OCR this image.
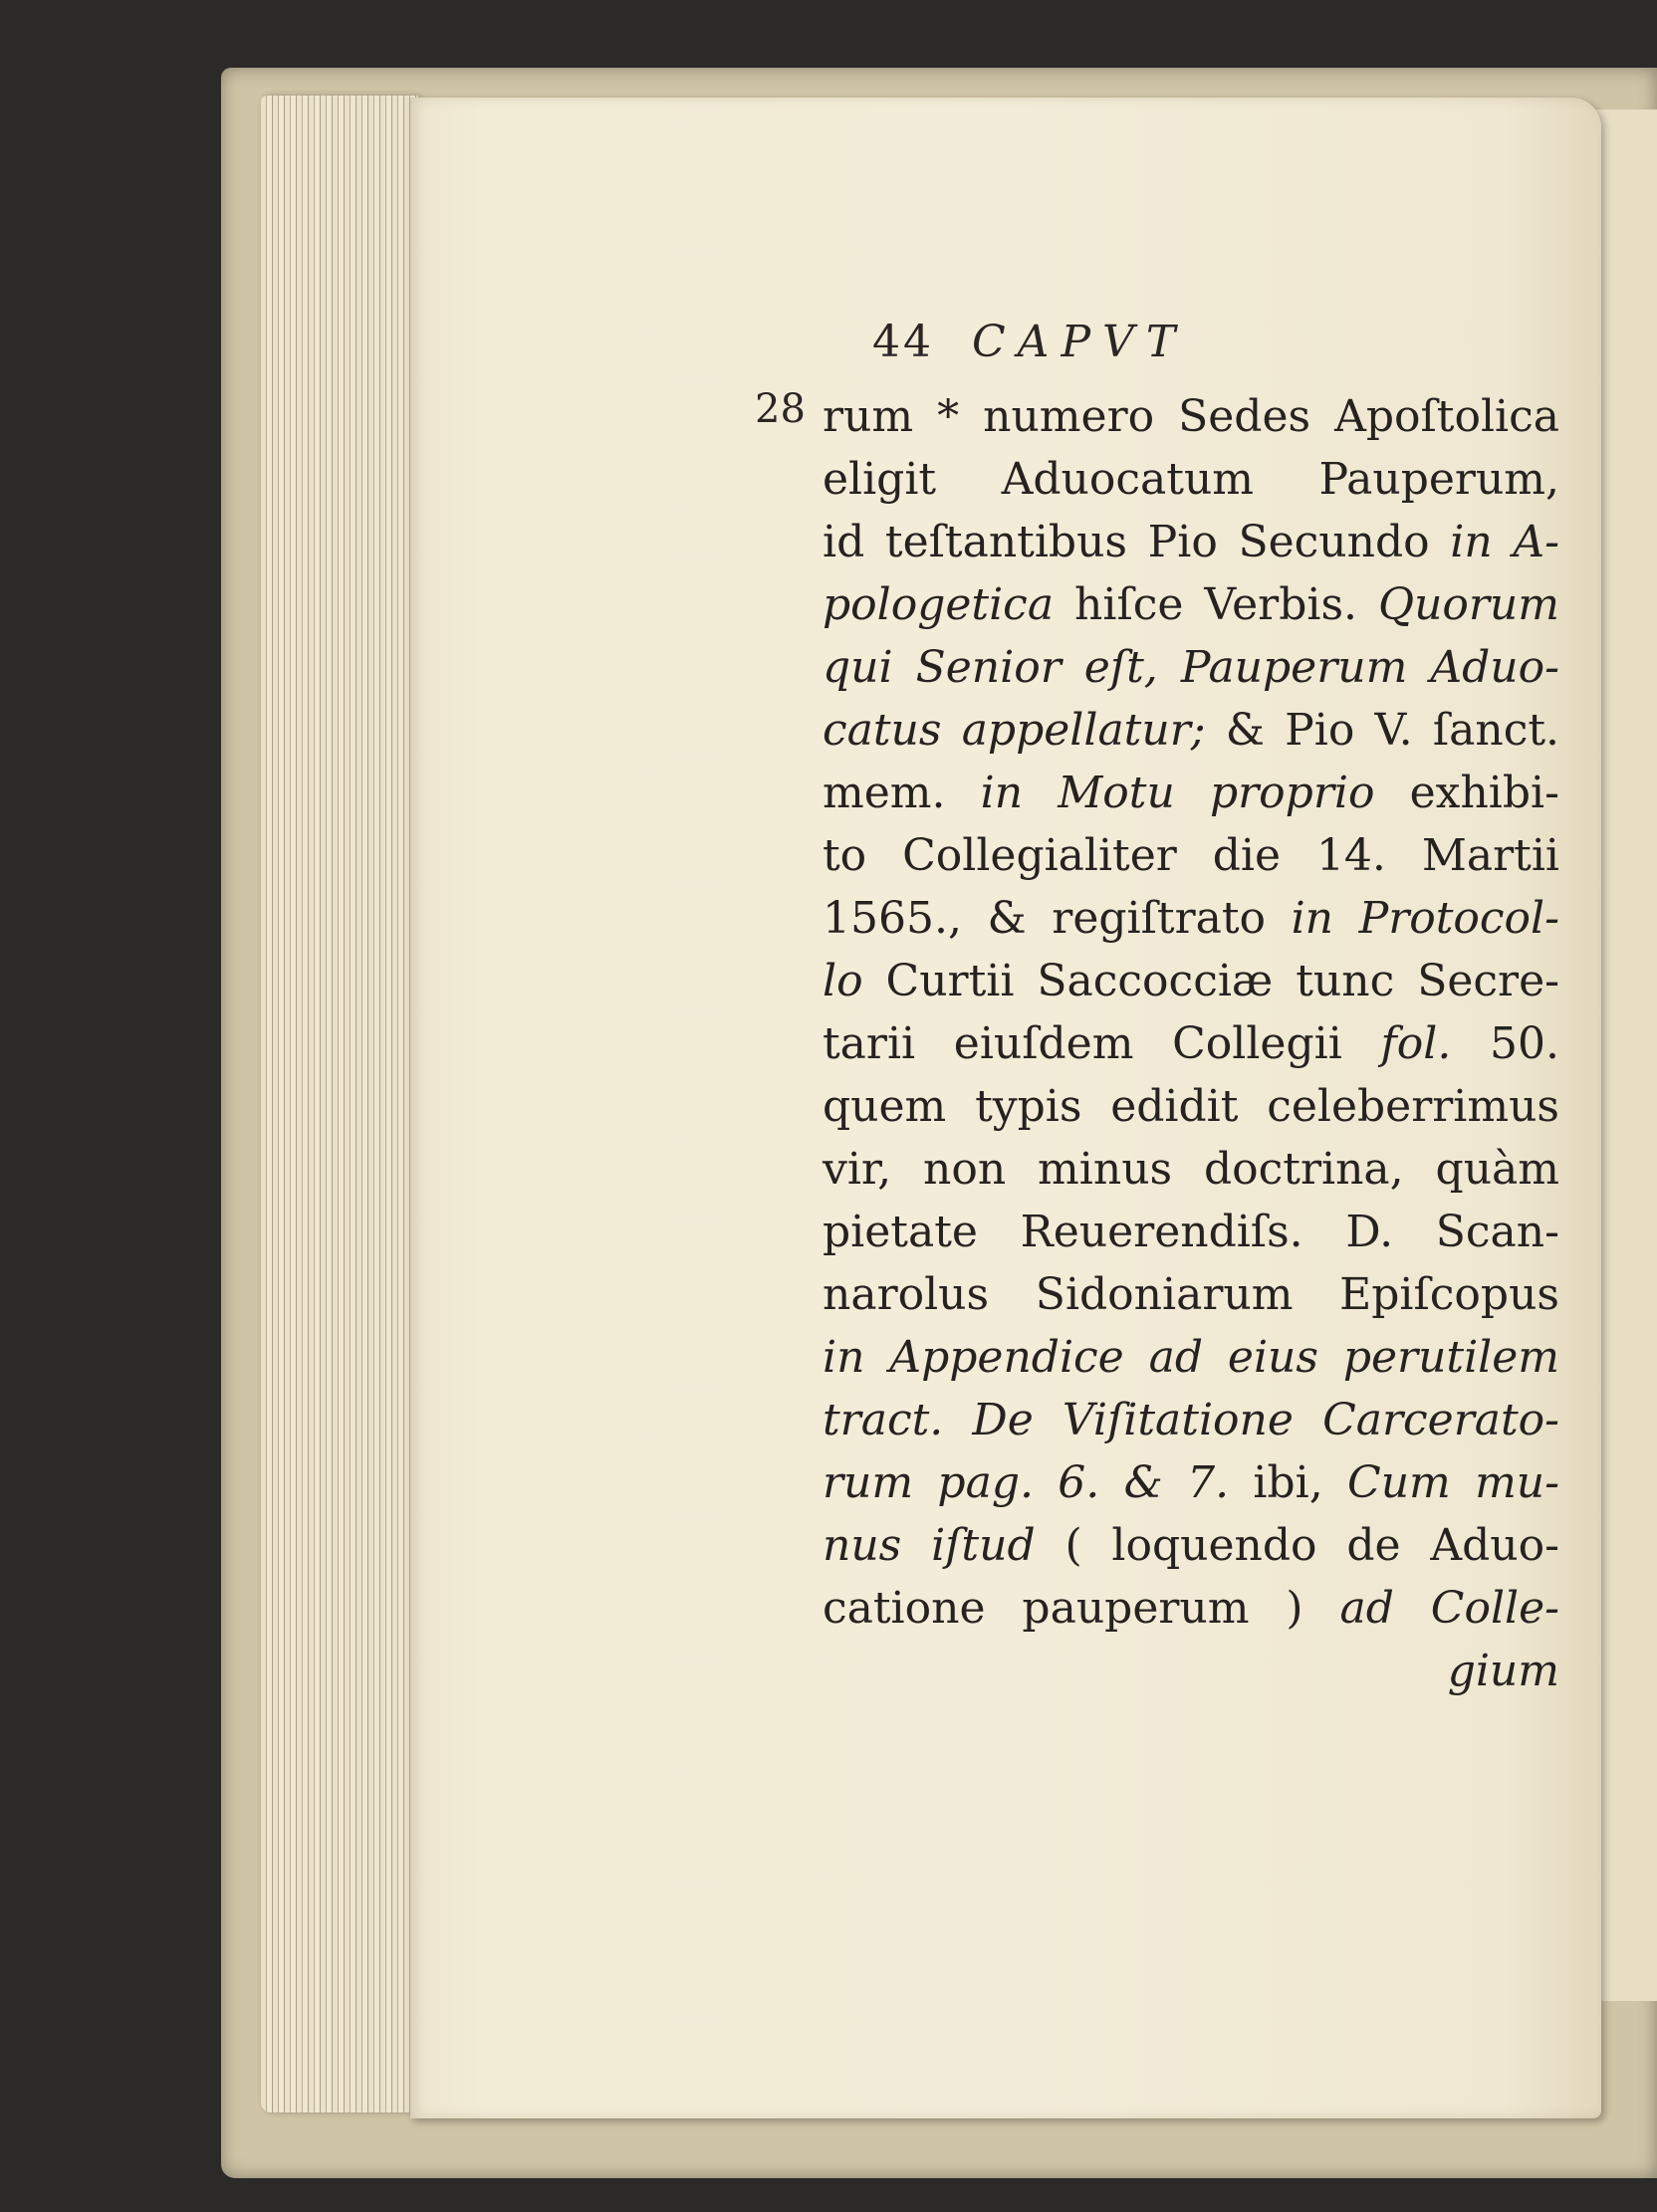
44 CAPVT
28 rum * numero Sedes Apoſtolica
eligit Aduocatum Pauperum,
id teſtantibus Pio Secundo in A-
pologetica hiſce Verbis. Quorum
qui Senior eſt, Pauperum Aduo-
catus appellatur; & Pio V. ſanct.
mem. in Motu proprio exhibi-
to Collegialiter die 14. Martii
1565., & regiſtrato in Protocol-
lo Curtii Saccocciæ tunc Secre-
tarii eiuſdem Collegii fol. 50.
quem typis edidit celeberrimus
vir, non minus doctrina, quàm
pietate Reuerendiſs. D. Scan-
narolus Sidoniarum Epiſcopus
in Appendice ad eius perutilem
tract. De Viſitatione Carcerato-
rum pag. 6. & 7. ibi, Cum mu-
nus iſtud ( loquendo de Aduo-
catione pauperum ) ad Colle-
gium
